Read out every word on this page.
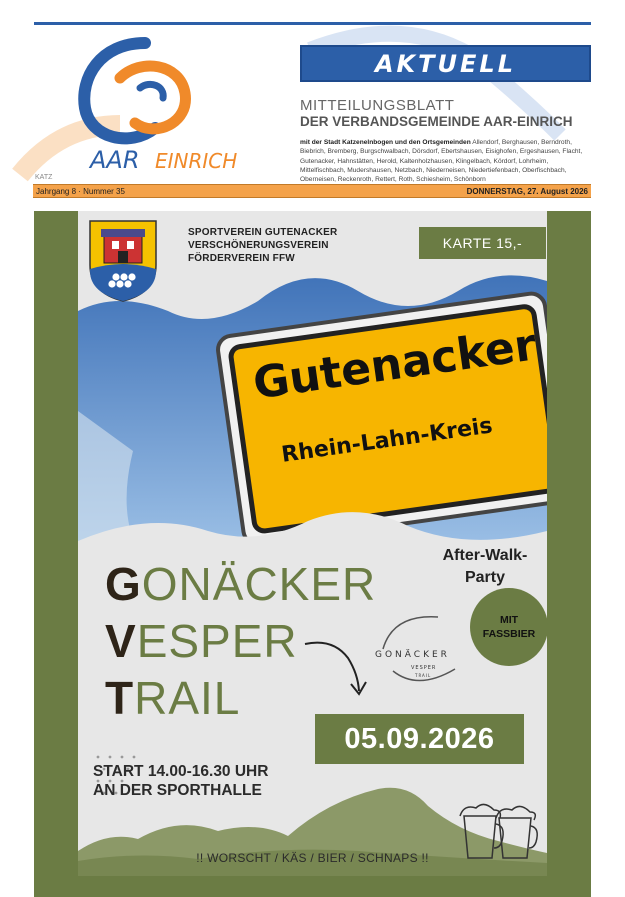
AAR EINRICH
AKTUELL
MITTEILUNGSBLATT
DER VERBANDSGEMEINDE AAR-EINRICH
mit der Stadt Katzenelnbogen und den Ortsgemeinden Allendorf, Berghausen, Berndroth, Biebrich, Bremberg, Burgschwalbach, Dörsdorf, Ebertshausen, Eisighofen, Ergeshausen, Flacht, Gutenacker, Hahnstätten, Herold, Kaltenholzhausen, Klingelbach, Kördorf, Lohrheim, Mittelfischbach, Mudershausen, Netzbach, Niederneisen, Niedertiefenbach, Oberfischbach, Oberneisen, Reckenroth, Rettert, Roth, Schiesheim, Schönborn
KATZ
Jahrgang 8 · Nummer 35	DONNERSTAG, 27. August 2026
Gutenacker
Rhein-Lahn-Kreis
SPORTVEREIN GUTENACKER
VERSCHÖNERUNGSVEREIN
FÖRDERVEREIN FFW
GONÄCKER
VESPER
TRAIL
GONÄCKER
VESPER
TRAIL
KARTE 15,-
After-Walk-
Party
MIT
FASSBIER
05.09.2026
START 14.00-16.30 UHR
AN DER SPORTHALLE
!! WORSCHT / KÄS / BIER / SCHNAPS !!
